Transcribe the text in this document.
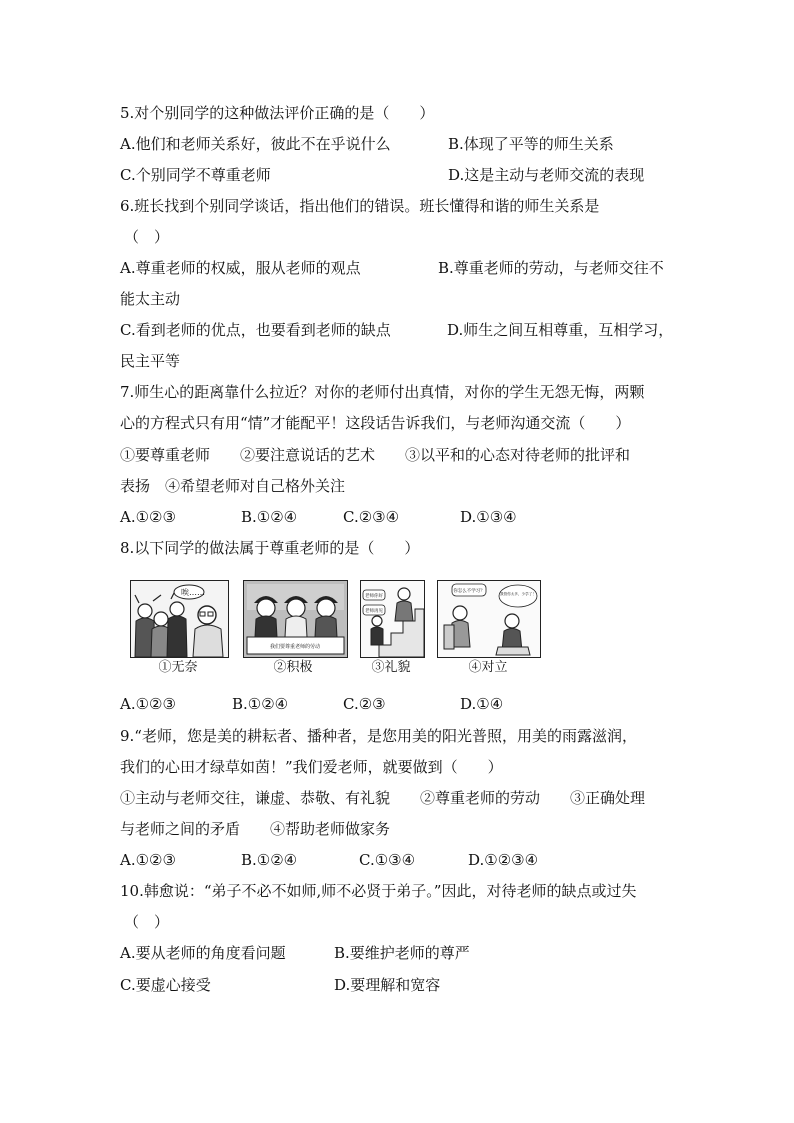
5.对个别同学的这种做法评价正确的是（　　）
A.他们和老师关系好，彼此不在乎说什么	B.体现了平等的师生关系
C.个别同学不尊重老师	D.这是主动与老师交流的表现
6.班长找到个别同学谈话，指出他们的错误。班长懂得和谐的师生关系是
（　）
A.尊重老师的权威，服从老师的观点	B.尊重老师的劳动，与老师交往不
能太主动
C.看到老师的优点，也要看到老师的缺点	D.师生之间互相尊重，互相学习，
民主平等
7.师生心的距离靠什么拉近？对你的老师付出真情，对你的学生无怨无悔，两颗
心的方程式只有用“情”才能配平！这段话告诉我们，与老师沟通交流（　　）
①要尊重老师　　②要注意说话的艺术　　③以平和的心态对待老师的批评和
表扬　④希望老师对自己格外关注
A.①②③	B.①②④	C.②③④	D.①③④
8.以下同学的做法属于尊重老师的是（　　）
唉……
我们要尊重老师的劳动
老师你好
老师再见
你怎么不学习？	我管你太多，少学了！
①无奈	②积极	③礼貌	④对立
A.①②③	B.①②④	C.②③	D.①④
9.“老师，您是美的耕耘者、播种者，是您用美的阳光普照，用美的雨露滋润，
我们的心田才绿草如茵！”我们爱老师，就要做到（　　）
①主动与老师交往，谦虚、恭敬、有礼貌　　②尊重老师的劳动　　③正确处理
与老师之间的矛盾　　④帮助老师做家务
A.①②③	B.①②④	C.①③④	D.①②③④
10.韩愈说：“弟子不必不如师,师不必贤于弟子。”因此，对待老师的缺点或过失
（　）
A.要从老师的角度看问题	B.要维护老师的尊严
C.要虚心接受	D.要理解和宽容
